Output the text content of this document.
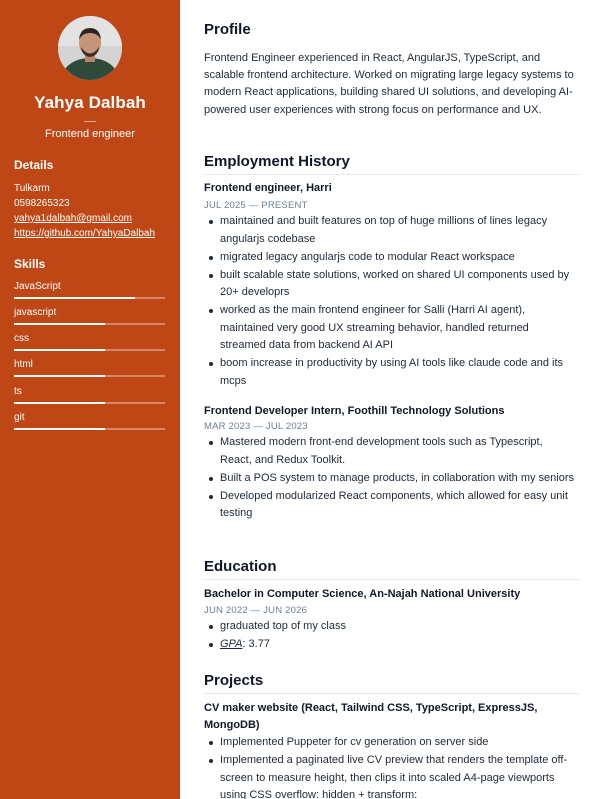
Yahya Dalbah
Frontend engineer
Details
Tulkarm
0598265323
yahya1dalbah@gmail.com
https://github.com/YahyaDalbah
Skills
JavaScript
javascript
css
html
ts
git
Profile
Frontend Engineer experienced in React, AngularJS, TypeScript, and scalable frontend architecture. Worked on migrating large legacy systems to modern React applications, building shared UI solutions, and developing AI-powered user experiences with strong focus on performance and UX.
Employment History
Frontend engineer, Harri
JUL 2025 — PRESENT
maintained and built features on top of huge millions of lines legacy angularjs codebase
migrated legacy angularjs code to modular React workspace
built scalable state solutions, worked on shared UI components used by 20+ developrs
worked as the main frontend engineer for Salli (Harri AI agent), maintained very good UX streaming behavior, handled returned streamed data from backend AI API
boom increase in productivity by using AI tools like claude code and its mcps
Frontend Developer Intern, Foothill Technology Solutions
MAR 2023 — JUL 2023
Mastered modern front-end development tools such as Typescript, React, and Redux Toolkit.
Built a POS system to manage products, in collaboration with my seniors
Developed modularized React components, which allowed for easy unit testing
Education
Bachelor in Computer Science, An-Najah National University
JUN 2022 — JUN 2026
graduated top of my class
GPA: 3.77
Projects
CV maker website (React, Tailwind CSS, TypeScript, ExpressJS, MongoDB)
Implemented Puppeter for cv generation on server side
Implemented a paginated live CV preview that renders the template off-screen to measure height, then clips it into scaled A4-page viewports using CSS overflow: hidden + transform:
